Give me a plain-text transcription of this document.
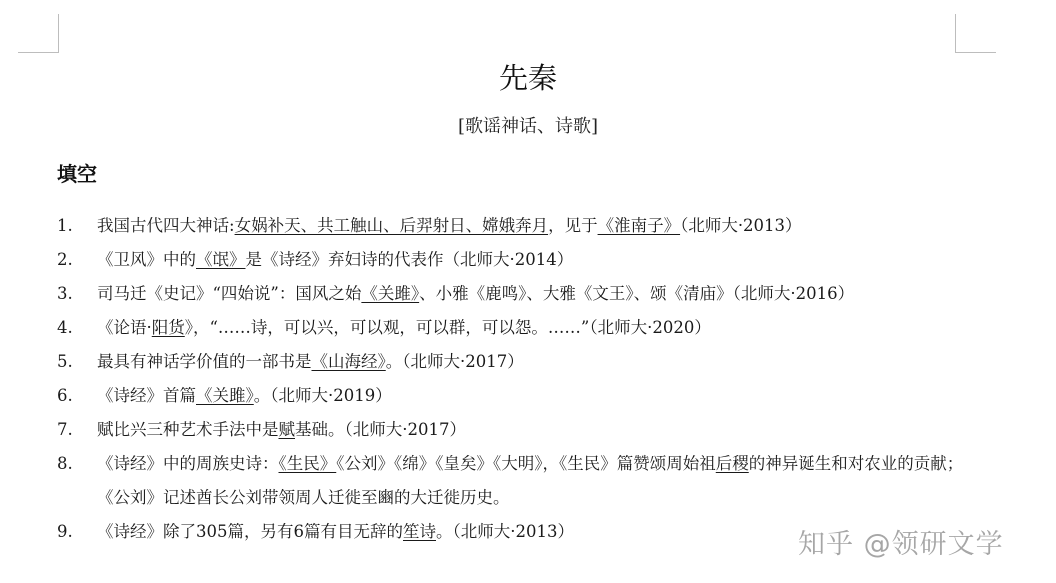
先秦
[歌谣神话、诗歌]
填空
1. 我国古代四大神话:女娲补天、共工触山、后羿射日、嫦娥奔月，见于《淮南子》（北师大·2013）
2. 《卫风》中的《氓》是《诗经》弃妇诗的代表作（北师大·2014）
3. 司马迁《史记》“四始说”：国风之始《关雎》、小雅《鹿鸣》、大雅《文王》、颂《清庙》（北师大·2016）
4. 《论语·阳货》，“……诗，可以兴，可以观，可以群，可以怨。……”（北师大·2020）
5. 最具有神话学价值的一部书是《山海经》。（北师大·2017）
6. 《诗经》首篇《关雎》。（北师大·2019）
7. 赋比兴三种艺术手法中是赋基础。（北师大·2017）
8. 《诗经》中的周族史诗：《生民》《公刘》《绵》《皇矣》《大明》，《生民》篇赞颂周始祖后稷的神异诞生和对农业的贡献；《公刘》记述酋长公刘带领周人迁徙至豳的大迁徙历史。
9. 《诗经》除了305篇，另有6篇有目无辞的笙诗。（北师大·2013）	知乎 @领研文学
